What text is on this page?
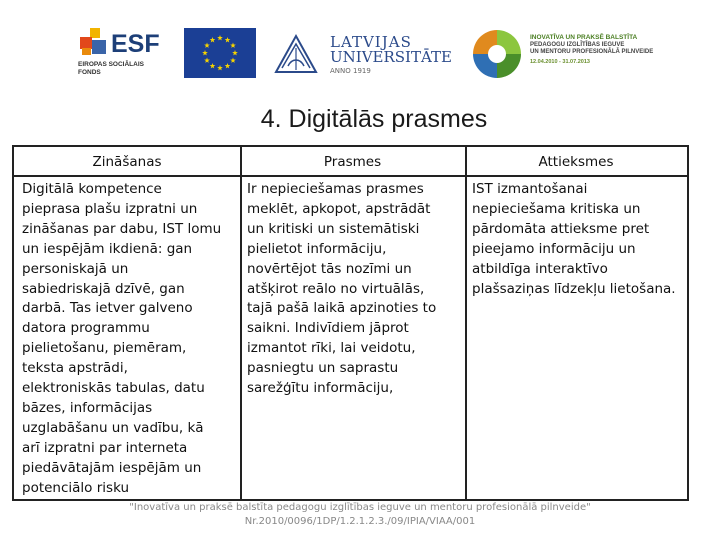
ESF
EIROPAS SOCIĀLAIS FONDS
LATVIJAS
UNIVERSITĀTE
ANNO 1919
INOVATĪVA UN PRAKSĒ BALSTĪTA
PEDAGOGU IZGLĪTĪBAS IEGUVE
UN MENTORU PROFESIONĀLĀ PILNVEIDE
12.04.2010 - 31.07.2013
4. Digitālās prasmes
Zināšanas	Prasmes	Attieksmes
Digitālā kompetence
pieprasa plašu izpratni un
zināšanas par dabu, IST lomu
un iespējām ikdienā: gan
personiskajā un
sabiedriskajā dzīvē, gan
darbā. Tas ietver galveno
datora programmu
pielietošanu, piemēram,
teksta apstrādi,
elektroniskās tabulas, datu
bāzes, informācijas
uzglabāšanu un vadību, kā
arī izpratni par interneta
piedāvātajām iespējām un
potenciālo risku
Ir nepieciešamas prasmes
meklēt, apkopot, apstrādāt
un kritiski un sistemātiski
pielietot informāciju,
novērtējot tās nozīmi un
atšķirot reālo no virtuālās,
tajā pašā laikā apzinoties to
saikni. Indivīdiem jāprot
izmantot rīki, lai veidotu,
pasniegtu un saprastu
sarežģītu informāciju,
IST izmantošanai
nepieciešama kritiska un
pārdomāta attieksme pret
pieejamo informāciju un
atbildīga interaktīvo
plašsaziņas līdzekļu lietošana.
"Inovatīva un praksē balstīta pedagogu izglītības ieguve un mentoru profesionālā pilnveide"
Nr.2010/0096/1DP/1.2.1.2.3./09/IPIA/VIAA/001
